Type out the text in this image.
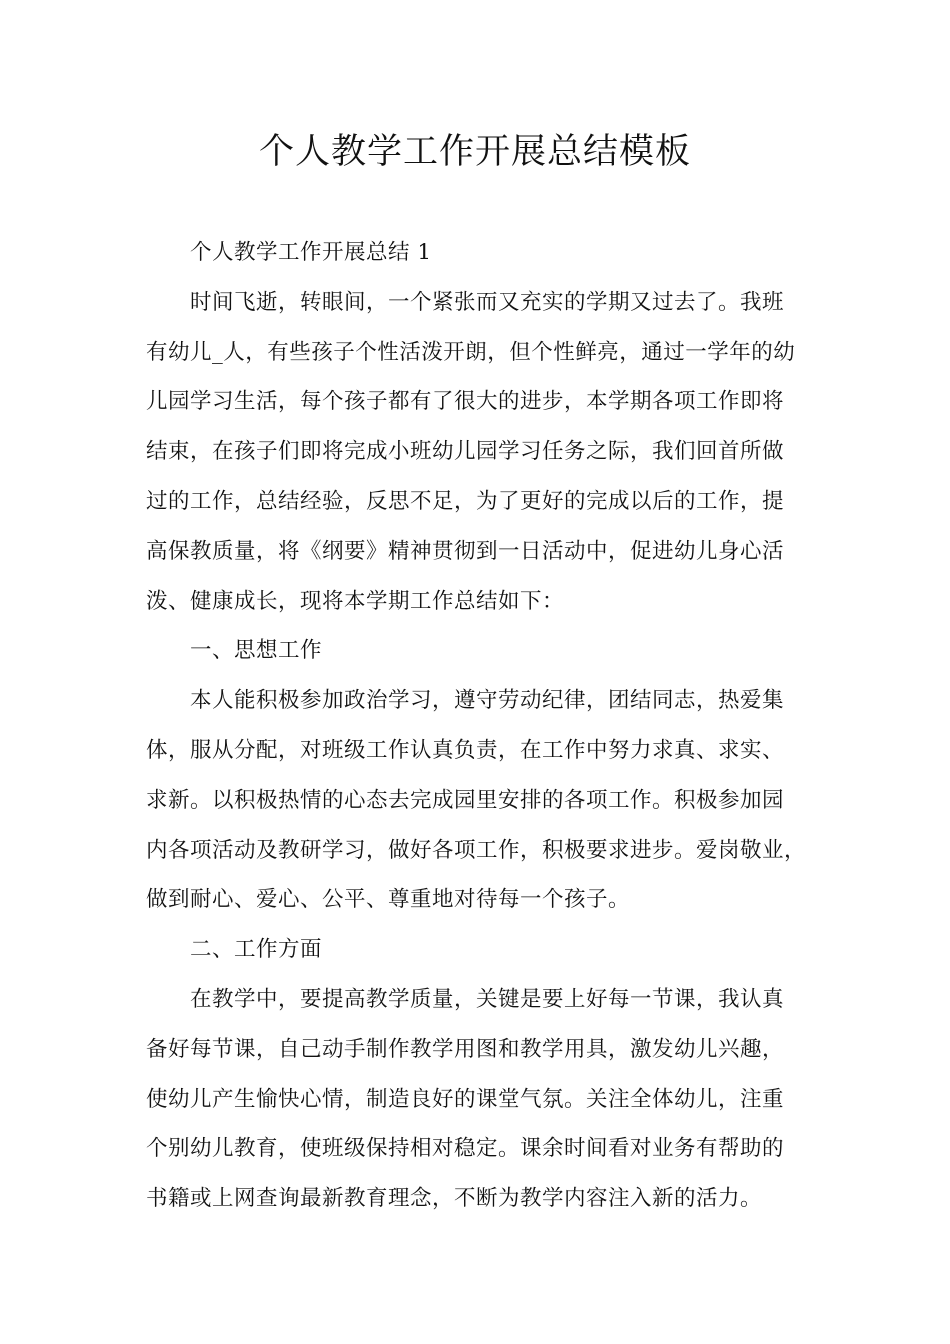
个人教学工作开展总结模板
个人教学工作开展总结 1
时间飞逝，转眼间，一个紧张而又充实的学期又过去了。我班
有幼儿_人，有些孩子个性活泼开朗，但个性鲜亮，通过一学年的幼
儿园学习生活，每个孩子都有了很大的进步，本学期各项工作即将
结束，在孩子们即将完成小班幼儿园学习任务之际，我们回首所做
过的工作，总结经验，反思不足，为了更好的完成以后的工作，提
高保教质量，将《纲要》精神贯彻到一日活动中，促进幼儿身心活
泼、健康成长，现将本学期工作总结如下：
一、思想工作
本人能积极参加政治学习，遵守劳动纪律，团结同志，热爱集
体，服从分配，对班级工作认真负责，在工作中努力求真、求实、
求新。以积极热情的心态去完成园里安排的各项工作。积极参加园
内各项活动及教研学习，做好各项工作，积极要求进步。爱岗敬业，
做到耐心、爱心、公平、尊重地对待每一个孩子。
二、工作方面
在教学中，要提高教学质量，关键是要上好每一节课，我认真
备好每节课，自己动手制作教学用图和教学用具，激发幼儿兴趣，
使幼儿产生愉快心情，制造良好的课堂气氛。关注全体幼儿，注重
个别幼儿教育，使班级保持相对稳定。课余时间看对业务有帮助的
书籍或上网查询最新教育理念，不断为教学内容注入新的活力。
